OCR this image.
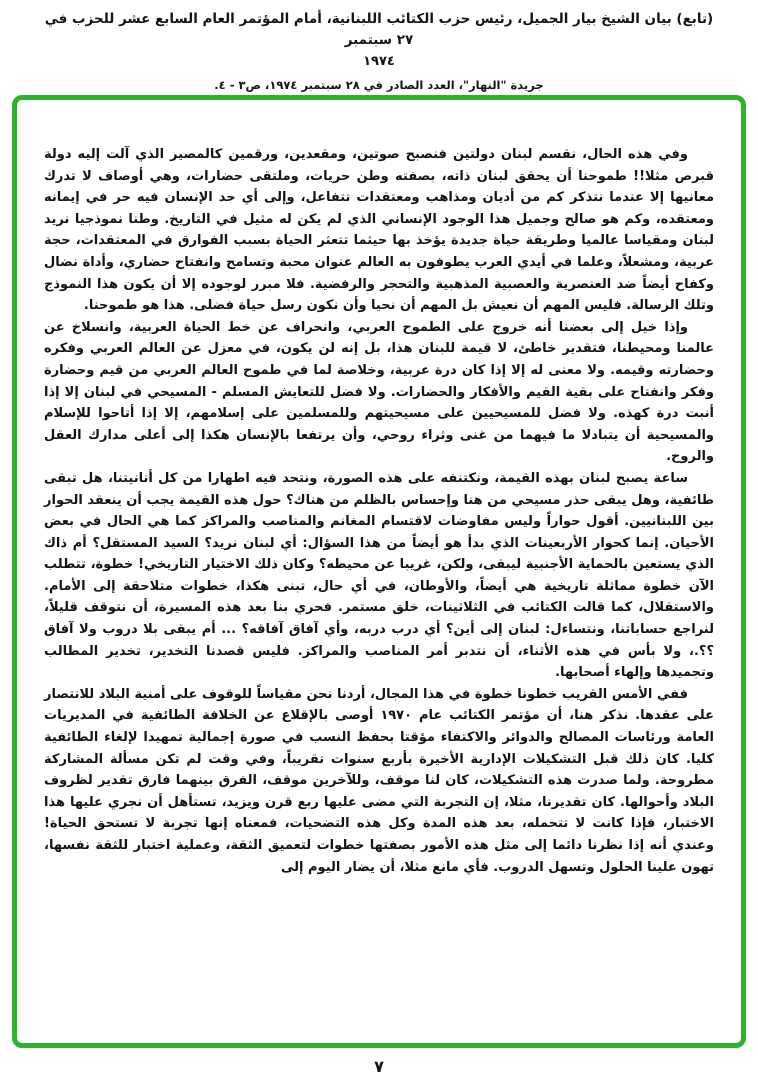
(تابع) بيان الشيخ بيار الجميل، رئيس حزب الكتائب اللبنانية، أمام المؤتمر العام السابع عشر للحزب في ٢٧ سبتمبر
١٩٧٤
جريدة "النهار"، العدد الصادر في ٢٨ سبتمبر ١٩٧٤، ص٣ - ٤.

وفي هذه الحال، نقسم لبنان دولتين فنصبح صوتين، ومقعدين، ورقمين كالمصير الذي آلت إليه دولة قبرص مثلا!! طموحنا أن يحقق لبنان ذاته، بصفته وطن حريات، وملتقى حضارات، وهي أوصاف لا تدرك معانيها إلا عندما نتذكر كم من أديان ومذاهب ومعتقدات تتفاعل، وإلى أي حد الإنسان فيه حر في إيمانه ومعتقده، وكم هو صالح وجميل هذا الوجود الإنساني الذي لم يكن له مثيل في التاريخ. وطنا نموذجيا نريد لبنان ومقياسا عالميا وطريقة حياة جديدة يؤخذ بها حيثما تتعثر الحياة بسبب الفوارق في المعتقدات، حجة عربية، ومشعلاً، وعلما في أيدي العرب يطوفون به العالم عنوان محبة وتسامح وانفتاح حضاري، وأداة نضال وكفاح أيضاً ضد العنصرية والعصبية المذهبية والتحجر والرفضية. فلا مبرر لوجوده إلا أن يكون هذا النموذج وتلك الرسالة. فليس المهم أن نعيش بل المهم أن نحيا وأن نكون رسل حياة فضلى. هذا هو طموحنا.

وإذا خيل إلى بعضنا أنه خروج على الطموح العربي، وانحراف عن خط الحياة العربية، وانسلاخ عن عالمنا ومحيطنا، فتقدير خاطئ، لا قيمة للبنان هذا، بل إنه لن يكون، في معزل عن العالم العربي وفكره وحضارته وقيمه. ولا معنى له إلا إذا كان درة عربية، وخلاصة لما في طموح العالم العربي من قيم وحضارة وفكر وانفتاح على بقية القيم والأفكار والحضارات. ولا فضل للتعايش المسلم - المسيحي في لبنان إلا إذا أنبت درة كهذه. ولا فضل للمسيحيين على مسيحيتهم وللمسلمين على إسلامهم، إلا إذا أتاحوا للإسلام والمسيحية أن يتبادلا ما فيهما من غنى وثراء روحي، وأن يرتفعا بالإنسان هكذا إلى أعلى مدارك العقل والروح.

ساعة يصبح لبنان بهذه القيمة، ونكتنفه على هذه الصورة، ونتحد فيه اطهارا من كل أنانيتنا، هل تبقى طائفية، وهل يبقى حذر مسيحي من هنا وإحساس بالظلم من هناك؟ حول هذه القيمة يجب أن ينعقد الحوار بين اللبنانيين. أقول حواراً وليس مفاوضات لاقتسام المغانم والمناصب والمراكز كما هي الحال في بعض الأحيان. إنما كحوار الأربعينات الذي بدأ هو أيضاً من هذا السؤال: أي لبنان نريد؟ السيد المستقل؟ أم ذاك الذي يستعين بالحماية الأجنبية ليبقى، ولكن، غريبا عن محيطه؟ وكان ذلك الاختيار التاريخي! خطوة، تتطلب الآن خطوة مماثلة تاريخية هي أيضاً، والأوطان، في أي حال، تبنى هكذا، خطوات متلاحقة إلى الأمام. والاستقلال، كما قالت الكتائب في الثلاثينات، خلق مستمر. فحري بنا بعد هذه المسيرة، أن نتوقف قليلاً، لنراجع حساباتنا، ونتساءل: لبنان إلى أين؟ أي درب دربه، وأي آفاق آفاقه؟ ... أم يبقى بلا دروب ولا آفاق ؟؟.، ولا بأس في هذه الأثناء، أن نتدبر أمر المناصب والمراكز. فليس قصدنا التخدير، تخدير المطالب وتجميدها وإلهاء أصحابها.

ففي الأمس القريب خطونا خطوة في هذا المجال، أردنا نحن مقياساً للوقوف على أمنية البلاد للانتصار على عقدها. نذكر هنا، أن مؤتمر الكتائب عام ١٩٧٠ أوصى بالإقلاع عن الخلافة الطائفية في المديريات العامة ورئاسات المصالح والدوائر والاكتفاء مؤقتا بحفظ النسب في صورة إجمالية تمهيدا لإلغاء الطائفية كليا. كان ذلك قبل التشكيلات الإدارية الأخيرة بأربع سنوات تقريباً، وفي وقت لم تكن مسألة المشاركة مطروحة. ولما صدرت هذه التشكيلات، كان لنا موقف، وللآخرين موقف، الفرق بينهما فارق تقدير لظروف البلاد وأحوالها. كان تقديرنا، مثلا، إن التجربة التي مضى عليها ربع قرن ويزيد، تستأهل أن نجري عليها هذا الاختبار، فإذا كانت لا تتحمله، بعد هذه المدة وكل هذه التضحيات، فمعناه إنها تجربة لا تستحق الحياة! وعندي أنه إذا نظرنا دائما إلى مثل هذه الأمور بصفتها خطوات لتعميق الثقة، وعملية اختبار للثقة نفسها، تهون علينا الحلول وتسهل الدروب. فأي مانع مثلا، أن يضار اليوم إلى

٧
